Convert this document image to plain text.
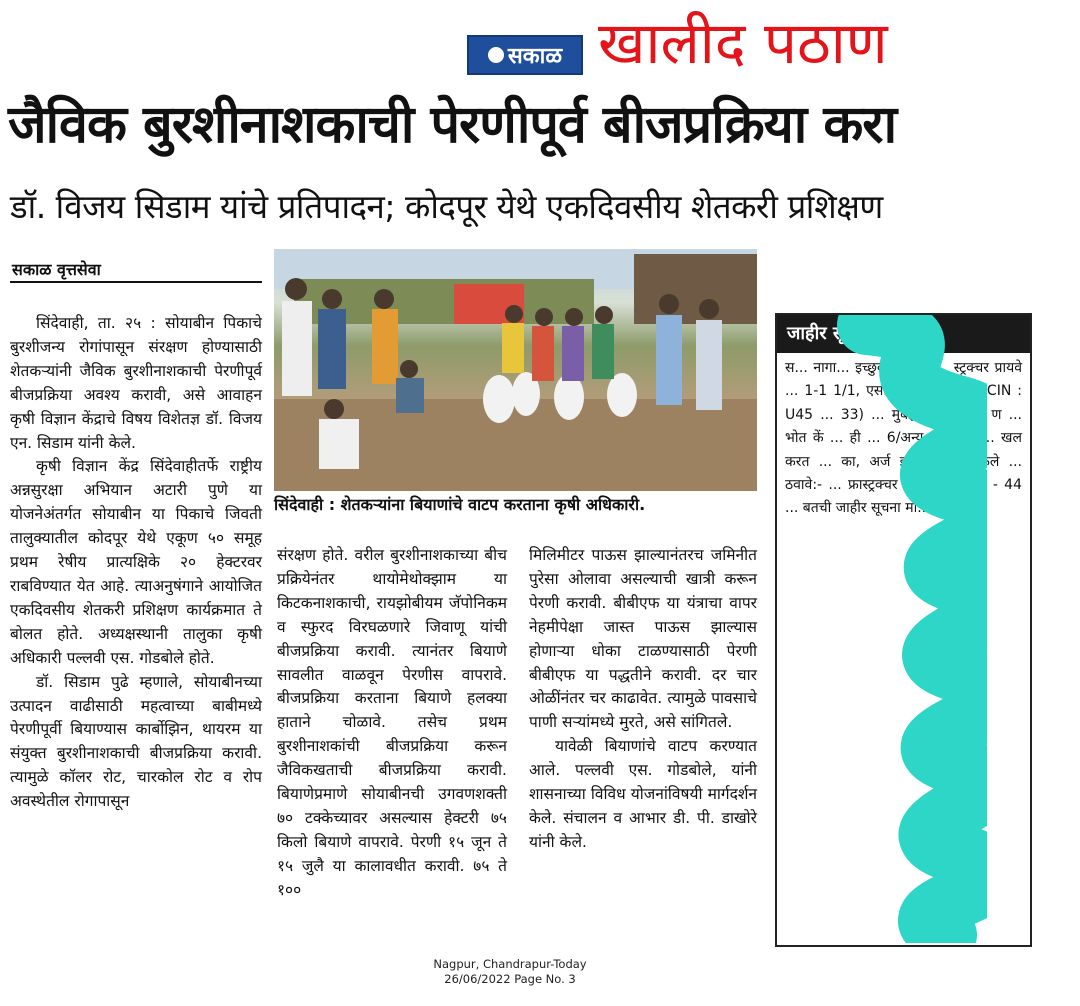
सकाळ खालीद पठाण
जैविक बुरशीनाशकाची पेरणीपूर्व बीजप्रक्रिया करा
डॉ. विजय सिडाम यांचे प्रतिपादन; कोदपूर येथे एकदिवसीय शेतकरी प्रशिक्षण
सकाळ वृत्तसेवा

सिंदेवाही, ता. २५ : सोयाबीन पिकाचे बुरशीजन्य रोगांपासून संरक्षण होण्यासाठी शेतकऱ्यांनी जैविक बुरशीनाशकाची पेरणीपूर्व बीजप्रक्रिया अवश्य करावी, असे आवाहन कृषी विज्ञान केंद्राचे विषय विशेतज्ञ डॉ. विजय एन. सिडाम यांनी केले.

कृषी विज्ञान केंद्र सिंदेवाहीतर्फे राष्ट्रीय अन्नसुरक्षा अभियान अटारी पुणे या योजनेअंतर्गत सोयाबीन या पिकाचे जिवती तालुक्यातील कोदपूर येथे एकूण ५० समूह प्रथम रेषीय प्रात्यक्षिके २० हेक्टरवर राबविण्यात येत आहे. त्याअनुषंगाने आयोजित एकदिवसीय शेतकरी प्रशिक्षण कार्यक्रमात ते बोलत होते. अध्यक्षस्थानी तालुका कृषी अधिकारी पल्लवी एस. गोडबोले होते.

डॉ. सिडाम पुढे म्हणाले, सोयाबीनच्या उत्पादन वाढीसाठी महत्वाच्या बाबीमध्ये पेरणीपूर्वी बियाण्यास कार्बोझिन, थायरम या संयुक्त बुरशीनाशकाची बीजप्रक्रिया करावी. त्यामुळे कॉलर रोट, चारकोल रोट व रोप अवस्थेतील रोगापासून

सिंदेवाही : शेतकऱ्यांना बियाणांचे वाटप करताना कृषी अधिकारी.

संरक्षण होते. वरील बुरशीनाशकाच्या बीच प्रक्रियेनंतर थायोमेथोक्झाम या किटकनाशकाची, रायझोबीयम जॅपोनिकम व स्फुरद विरघळणारे जिवाणू यांची बीजप्रक्रिया करावी. त्यानंतर बियाणे सावलीत वाळवून पेरणीस वापरावे. बीजप्रक्रिया करताना बियाणे हलक्या हाताने चोळावे. तसेच प्रथम बुरशीनाशकांची बीजप्रक्रिया करून जैविकखताची बीजप्रक्रिया करावी. बियाणेप्रमाणे सोयाबीनची उगवणशक्ती ७० टक्केच्यावर असल्यास हेक्टरी ७५ किलो बियाणे वापरावे. पेरणी १५ जून ते १५ जुलै या कालावधीत करावी. ७५ ते १००

मिलिमीटर पाऊस झाल्यानंतरच जमिनीत पुरेसा ओलावा असल्याची खात्री करून पेरणी करावी. बीबीएफ या यंत्राचा वापर नेहमीपेक्षा जास्त पाऊस झाल्यास होणाऱ्या धोका टाळण्यासाठी पेरणी बीबीएफ या पद्धतीने करावी. दर चार ओळींनंतर चर काढावेत. त्यामुळे पावसाचे पाणी सऱ्यांमध्ये मुरते, असे सांगितले.

यावेळी बियाणांचे वाटप करण्यात आले. पल्लवी एस. गोडबोले, यांनी शासनाच्या विविध योजनांविषयी मार्गदर्शन केले. संचालन व आभार डी. पी. डाखोरे यांनी केले.

जाहीर सूचना
स... नागा... इच्छुक येते की ... स्ट्रक्चर प्रायवे ... 1-1 1/1, एस... ...पूर हैदर ... (CIN : U45 ... 33) ... मुंबई ... पील ... ण ... भोत कें ... ही ... 6/अन्य ... अर्ज, ... खल करत ... का, अर्ज इत ... नमूद केले ... ठवावे:- ... फ्रास्ट्रक्चर प्राय ... महाराष्ट्र - 44 ... बतची जाहीर सूचना मा...
Nagpur, Chandrapur-Today
26/06/2022 Page No. 3
